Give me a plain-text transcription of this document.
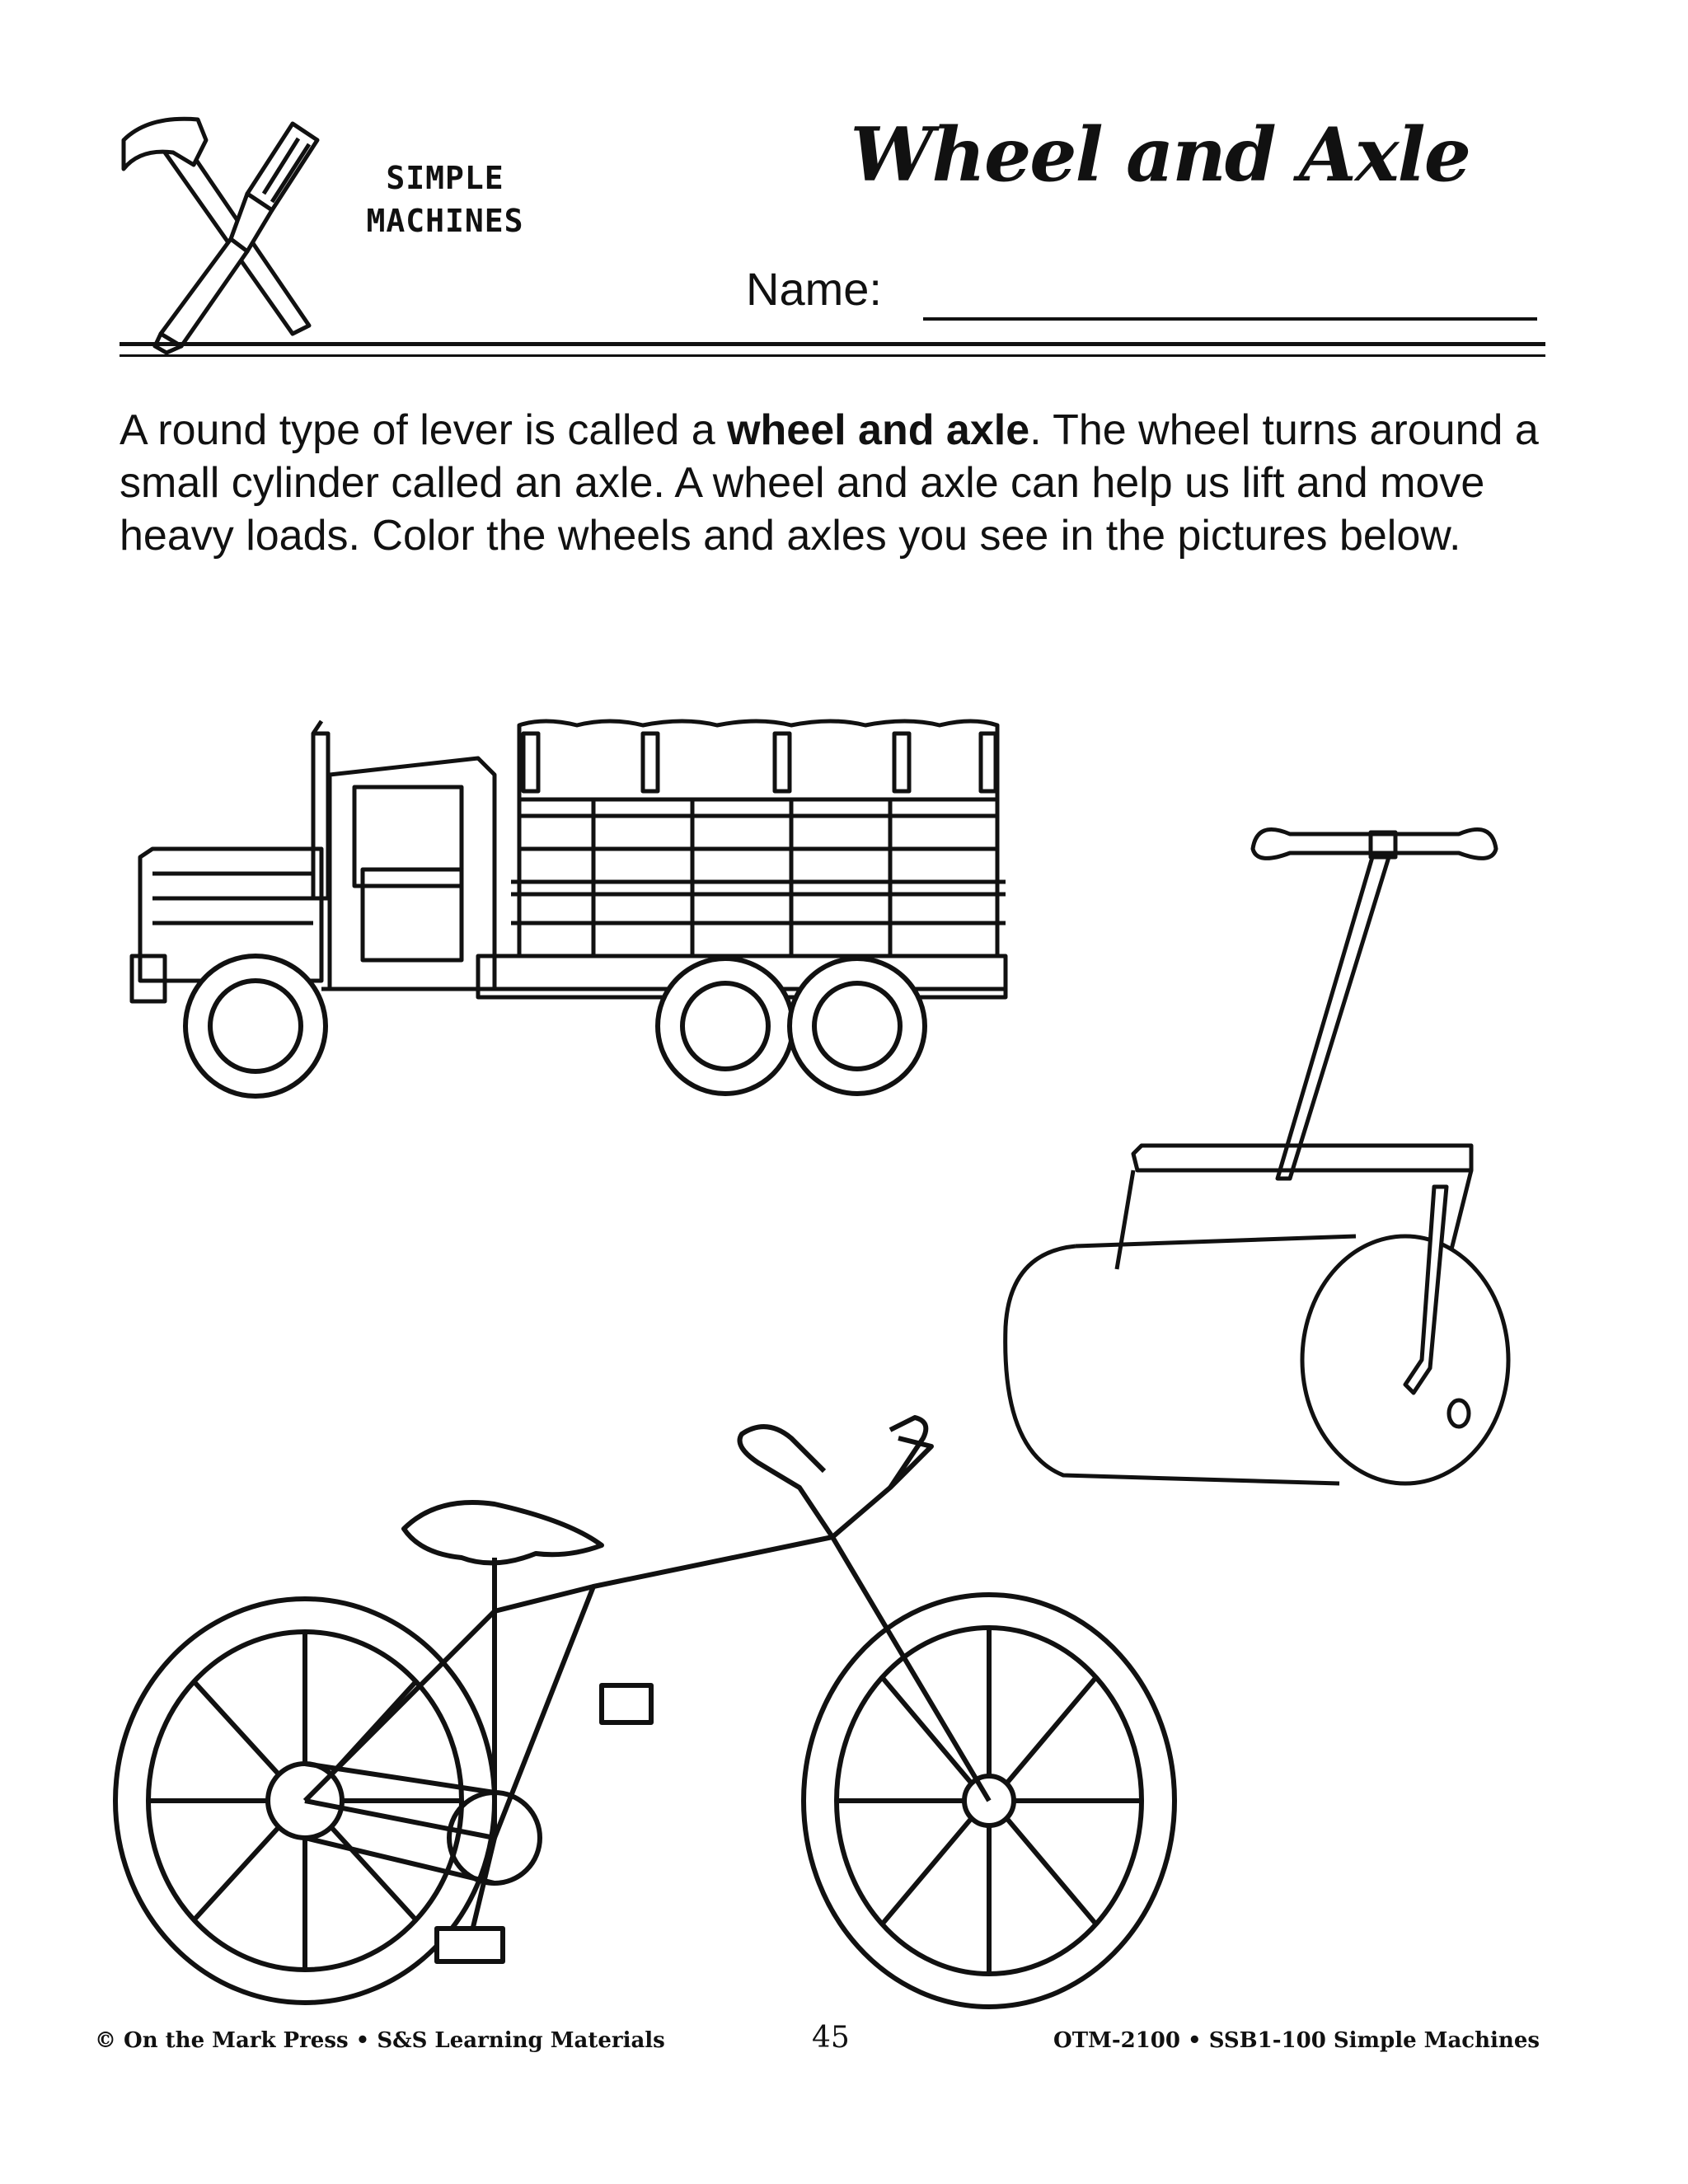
SIMPLE
MACHINES
Wheel and Axle
Name:

A round type of lever is called a wheel and axle. The wheel turns around a small cylinder called an axle. A wheel and axle can help us lift and move heavy loads. Color the wheels and axles you see in the pictures below.

© On the Mark Press • S&S Learning Materials	45	OTM-2100 • SSB1-100 Simple Machines
